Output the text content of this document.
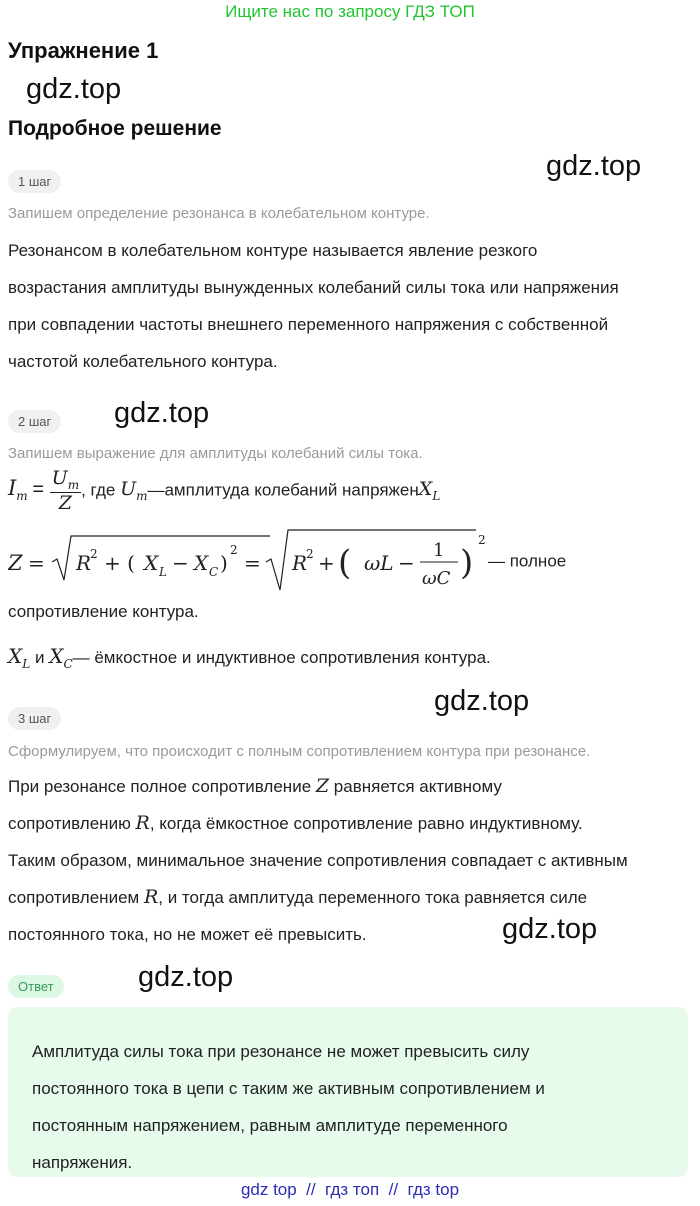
Ищите нас по запросу ГДЗ ТОП
Упражнение 1
gdz.top
Подробное решение
gdz.top
1 шаг
Запишем определение резонанса в колебательном контуре.
Резонансом в колебательном контуре называется явление резкого
возрастания амплитуды вынужденных колебаний силы тока или напряжения
при совпадении частоты внешнего переменного напряжения с собственной
частотой колебательного контура.
2 шаг	gdz.top
Запишем выражение для амплитуды колебаний силы тока.
$I_m = \frac{U_m}{Z}$ , где $U_m—амплитуда$ колебаний напряженX$_L$
Z = R
2 + ( X L − X C )
2
= R
2 + ( ωL −
1
ωC )
2
— полное
сопротивление контура.
$X_L$ и $X_C—$ ёмкостное и индуктивное сопротивления контура.
gdz.top
3 шаг
Сформулируем, что происходит с полным сопротивлением контура при резонансе.
При резонансе полное сопротивление Z равняется активному
сопротивлению R, когда ёмкостное сопротивление равно индуктивному.
Таким образом, минимальное значение сопротивления совпадает с активным
сопротивлением R, и тогда амплитуда переменного тока равняется силе
постоянного тока, но не может её превысить.	gdz.top
Ответ	gdz.top
Амплитуда силы тока при резонансе не может превысить силу
постоянного тока в цепи с таким же активным сопротивлением и
постоянным напряжением, равным амплитуде переменного
напряжения.
gdz top  //  гдз топ  //  гдз top
